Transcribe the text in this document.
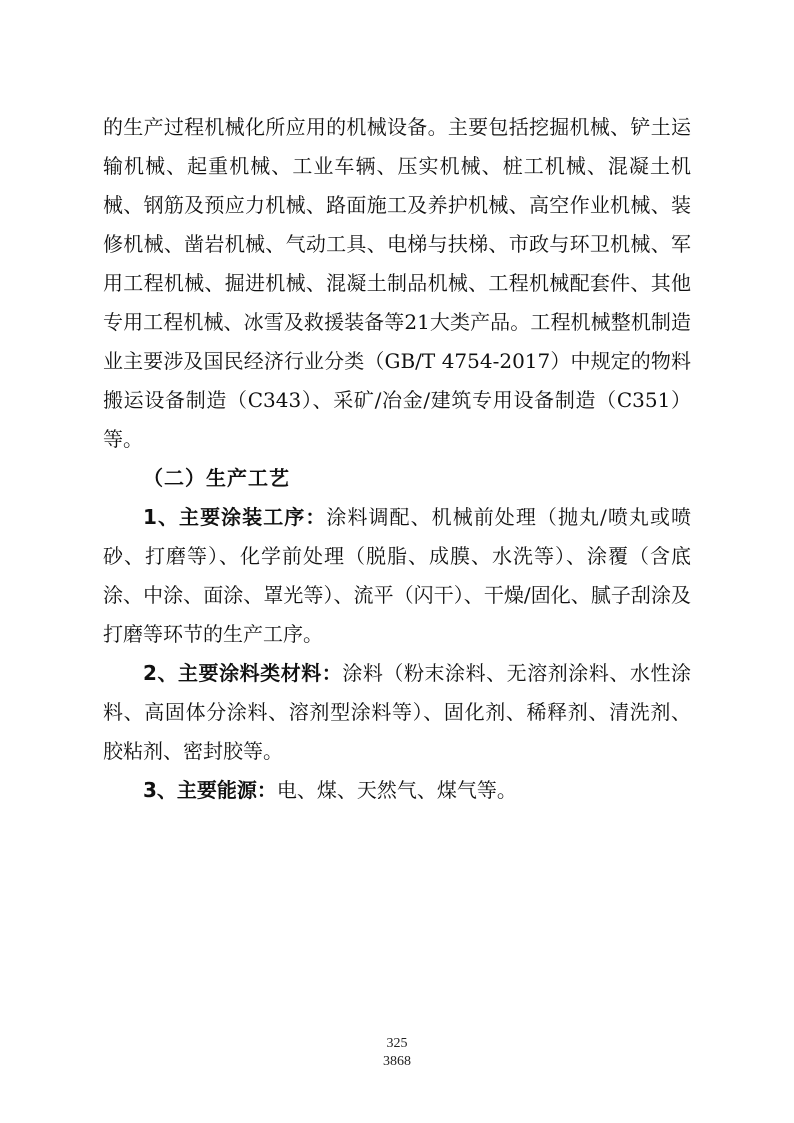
的生产过程机械化所应用的机械设备。主要包括挖掘机械、铲土运输机械、起重机械、工业车辆、压实机械、桩工机械、混凝土机械、钢筋及预应力机械、路面施工及养护机械、高空作业机械、装修机械、凿岩机械、气动工具、电梯与扶梯、市政与环卫机械、军用工程机械、掘进机械、混凝土制品机械、工程机械配套件、其他专用工程机械、冰雪及救援装备等21大类产品。工程机械整机制造业主要涉及国民经济行业分类（GB/T 4754-2017）中规定的物料搬运设备制造（C343）、采矿/冶金/建筑专用设备制造（C351）等。

（二）生产工艺

1、主要涂装工序：涂料调配、机械前处理（抛丸/喷丸或喷砂、打磨等）、化学前处理（脱脂、成膜、水洗等）、涂覆（含底涂、中涂、面涂、罩光等）、流平（闪干）、干燥/固化、腻子刮涂及打磨等环节的生产工序。

2、主要涂料类材料：涂料（粉末涂料、无溶剂涂料、水性涂料、高固体分涂料、溶剂型涂料等）、固化剂、稀释剂、清洗剂、胶粘剂、密封胶等。

3、主要能源：电、煤、天然气、煤气等。

325
3868
